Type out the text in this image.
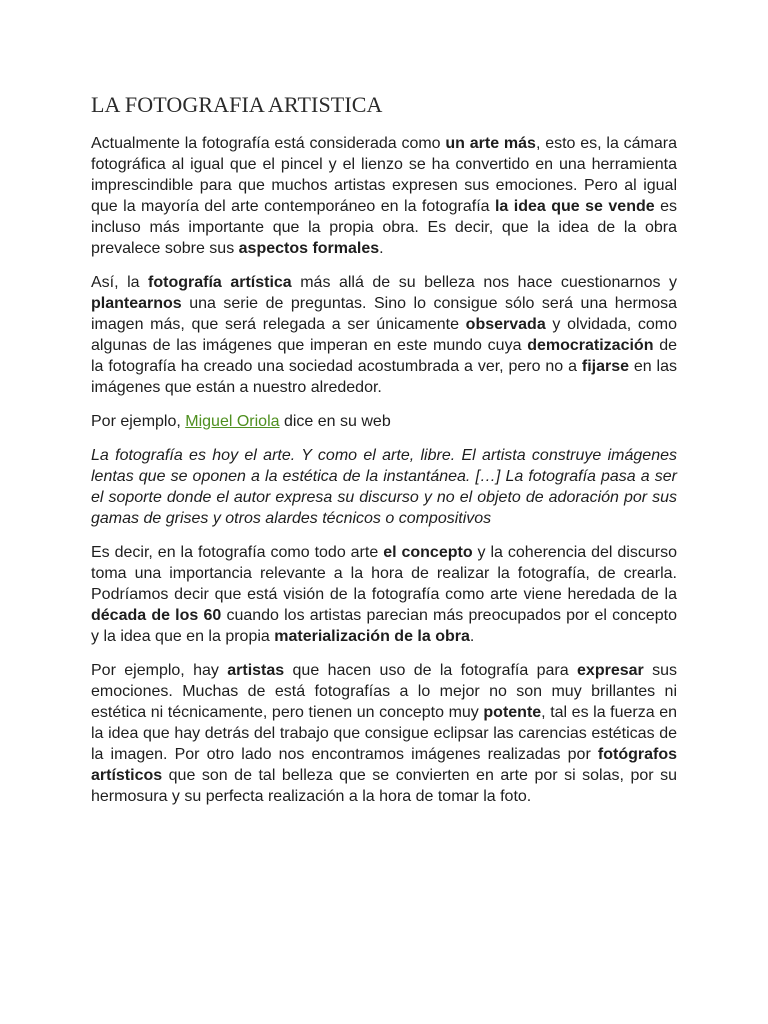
LA FOTOGRAFIA ARTISTICA

Actualmente la fotografía está considerada como un arte más, esto es, la cámara fotográfica al igual que el pincel y el lienzo se ha convertido en una herramienta imprescindible para que muchos artistas expresen sus emociones. Pero al igual que la mayoría del arte contemporáneo en la fotografía la idea que se vende es incluso más importante que la propia obra. Es decir, que la idea de la obra prevalece sobre sus aspectos formales.

Así, la fotografía artística más allá de su belleza nos hace cuestionarnos y plantearnos una serie de preguntas. Sino lo consigue sólo será una hermosa imagen más, que será relegada a ser únicamente observada y olvidada, como algunas de las imágenes que imperan en este mundo cuya democratización de la fotografía ha creado una sociedad acostumbrada a ver, pero no a fijarse en las imágenes que están a nuestro alrededor.

Por ejemplo, Miguel Oriola dice en su web

La fotografía es hoy el arte. Y como el arte, libre. El artista construye imágenes lentas que se oponen a la estética de la instantánea. […] La fotografía pasa a ser el soporte donde el autor expresa su discurso y no el objeto de adoración por sus gamas de grises y otros alardes técnicos o compositivos

Es decir, en la fotografía como todo arte el concepto y la coherencia del discurso toma una importancia relevante a la hora de realizar la fotografía, de crearla. Podríamos decir que está visión de la fotografía como arte viene heredada de la década de los 60 cuando los artistas parecian más preocupados por el concepto y la idea que en la propia materialización de la obra.

Por ejemplo, hay artistas que hacen uso de la fotografía para expresar sus emociones. Muchas de está fotografías a lo mejor no son muy brillantes ni estética ni técnicamente, pero tienen un concepto muy potente, tal es la fuerza en la idea que hay detrás del trabajo que consigue eclipsar las carencias estéticas de la imagen. Por otro lado nos encontramos imágenes realizadas por fotógrafos artísticos que son de tal belleza que se convierten en arte por si solas, por su hermosura y su perfecta realización a la hora de tomar la foto.
